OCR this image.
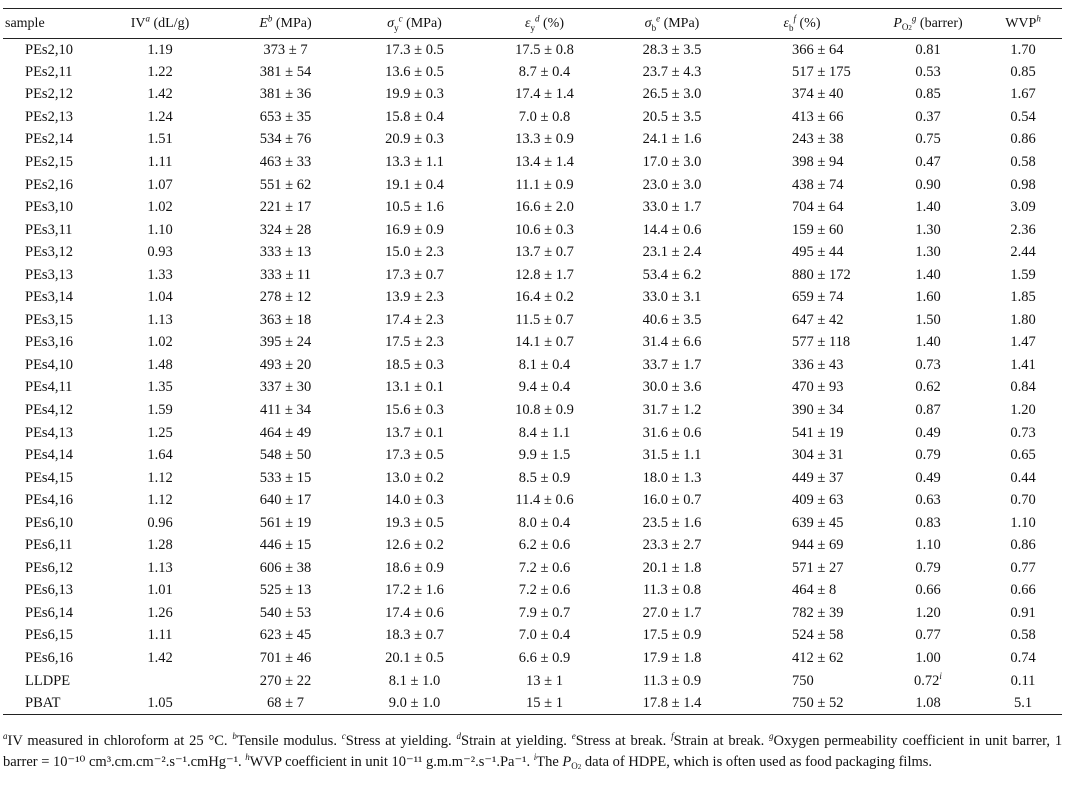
sample	$IV^a$ (dL/g)	$E^b$ (MPa)	$\sigma_y^c$ (MPa)	$\varepsilon_y^d$ (%)	$\sigma_b^e$ (MPa)	$\varepsilon_b^f$ (%)	$P_{O2}^g$ (barrer)	WVP$^h$
PEs2,10	1.19	373 ± 7	17.3 ± 0.5	17.5 ± 0.8	28.3 ± 3.5	366 ± 64	0.81	1.70
PEs2,11	1.22	381 ± 54	13.6 ± 0.5	8.7 ± 0.4	23.7 ± 4.3	517 ± 175	0.53	0.85
PEs2,12	1.42	381 ± 36	19.9 ± 0.3	17.4 ± 1.4	26.5 ± 3.0	374 ± 40	0.85	1.67
PEs2,13	1.24	653 ± 35	15.8 ± 0.4	7.0 ± 0.8	20.5 ± 3.5	413 ± 66	0.37	0.54
PEs2,14	1.51	534 ± 76	20.9 ± 0.3	13.3 ± 0.9	24.1 ± 1.6	243 ± 38	0.75	0.86
PEs2,15	1.11	463 ± 33	13.3 ± 1.1	13.4 ± 1.4	17.0 ± 3.0	398 ± 94	0.47	0.58
PEs2,16	1.07	551 ± 62	19.1 ± 0.4	11.1 ± 0.9	23.0 ± 3.0	438 ± 74	0.90	0.98
PEs3,10	1.02	221 ± 17	10.5 ± 1.6	16.6 ± 2.0	33.0 ± 1.7	704 ± 64	1.40	3.09
PEs3,11	1.10	324 ± 28	16.9 ± 0.9	10.6 ± 0.3	14.4 ± 0.6	159 ± 60	1.30	2.36
PEs3,12	0.93	333 ± 13	15.0 ± 2.3	13.7 ± 0.7	23.1 ± 2.4	495 ± 44	1.30	2.44
PEs3,13	1.33	333 ± 11	17.3 ± 0.7	12.8 ± 1.7	53.4 ± 6.2	880 ± 172	1.40	1.59
PEs3,14	1.04	278 ± 12	13.9 ± 2.3	16.4 ± 0.2	33.0 ± 3.1	659 ± 74	1.60	1.85
PEs3,15	1.13	363 ± 18	17.4 ± 2.3	11.5 ± 0.7	40.6 ± 3.5	647 ± 42	1.50	1.80
PEs3,16	1.02	395 ± 24	17.5 ± 2.3	14.1 ± 0.7	31.4 ± 6.6	577 ± 118	1.40	1.47
PEs4,10	1.48	493 ± 20	18.5 ± 0.3	8.1 ± 0.4	33.7 ± 1.7	336 ± 43	0.73	1.41
PEs4,11	1.35	337 ± 30	13.1 ± 0.1	9.4 ± 0.4	30.0 ± 3.6	470 ± 93	0.62	0.84
PEs4,12	1.59	411 ± 34	15.6 ± 0.3	10.8 ± 0.9	31.7 ± 1.2	390 ± 34	0.87	1.20
PEs4,13	1.25	464 ± 49	13.7 ± 0.1	8.4 ± 1.1	31.6 ± 0.6	541 ± 19	0.49	0.73
PEs4,14	1.64	548 ± 50	17.3 ± 0.5	9.9 ± 1.5	31.5 ± 1.1	304 ± 31	0.79	0.65
PEs4,15	1.12	533 ± 15	13.0 ± 0.2	8.5 ± 0.9	18.0 ± 1.3	449 ± 37	0.49	0.44
PEs4,16	1.12	640 ± 17	14.0 ± 0.3	11.4 ± 0.6	16.0 ± 0.7	409 ± 63	0.63	0.70
PEs6,10	0.96	561 ± 19	19.3 ± 0.5	8.0 ± 0.4	23.5 ± 1.6	639 ± 45	0.83	1.10
PEs6,11	1.28	446 ± 15	12.6 ± 0.2	6.2 ± 0.6	23.3 ± 2.7	944 ± 69	1.10	0.86
PEs6,12	1.13	606 ± 38	18.6 ± 0.9	7.2 ± 0.6	20.1 ± 1.8	571 ± 27	0.79	0.77
PEs6,13	1.01	525 ± 13	17.2 ± 1.6	7.2 ± 0.6	11.3 ± 0.8	464 ± 8	0.66	0.66
PEs6,14	1.26	540 ± 53	17.4 ± 0.6	7.9 ± 0.7	27.0 ± 1.7	782 ± 39	1.20	0.91
PEs6,15	1.11	623 ± 45	18.3 ± 0.7	7.0 ± 0.4	17.5 ± 0.9	524 ± 58	0.77	0.58
PEs6,16	1.42	701 ± 46	20.1 ± 0.5	6.6 ± 0.9	17.9 ± 1.8	412 ± 62	1.00	0.74
LLDPE		270 ± 22	8.1 ± 1.0	13 ± 1	11.3 ± 0.9	750	0.72$^i$	0.11
PBAT	1.05	68 ± 7	9.0 ± 1.0	15 ± 1	17.8 ± 1.4	750 ± 52	1.08	5.1
$^a$IV measured in chloroform at 25 °C. $^b$Tensile modulus. $^c$Stress at yielding. $^d$Strain at yielding. $^e$Stress at break. $^f$Strain at break. $^g$Oxygen permeability coefficient in unit barrer, 1 barrer = 10⁻¹⁰ cm³.cm.cm⁻².s⁻¹.cmHg⁻¹. $^h$WVP coefficient in unit 10⁻¹¹ g.m.m⁻².s⁻¹.Pa⁻¹. $^i$The $P_{O2}$ data of HDPE, which is often used as food packaging films.
